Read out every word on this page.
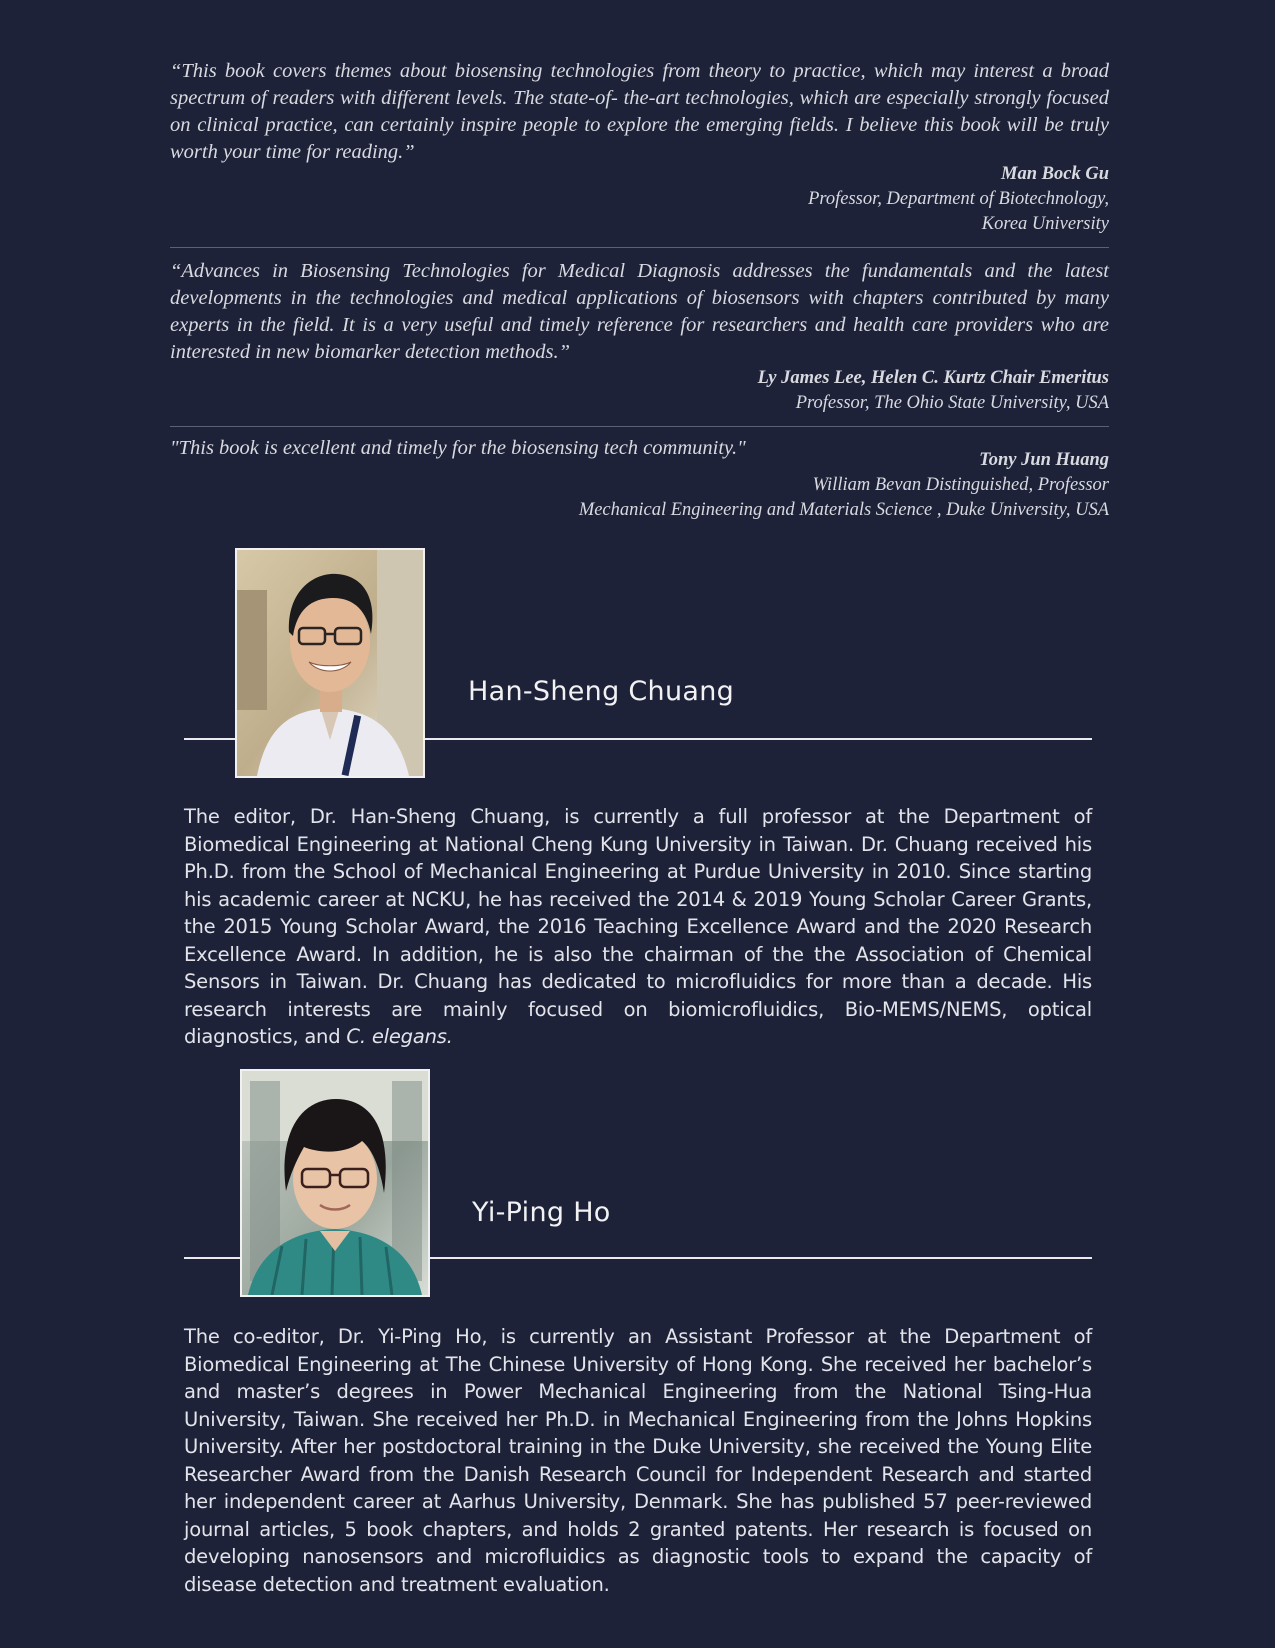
“This book covers themes about biosensing technologies from theory to practice, which may interest a broad spectrum of readers with different levels. The state-of- the-art technologies, which are especially strongly focused on clinical practice, can certainly inspire people to explore the emerging fields. I believe this book will be truly worth your time for reading.”

Man Bock Gu
Professor, Department of Biotechnology,
Korea University

“Advances in Biosensing Technologies for Medical Diagnosis addresses the fundamentals and the latest developments in the technologies and medical applications of biosensors with chapters contributed by many experts in the field. It is a very useful and timely reference for researchers and health care providers who are interested in new biomarker detection methods.”

Ly James Lee, Helen C. Kurtz Chair Emeritus
Professor, The Ohio State University, USA

"This book is excellent and timely for the biosensing tech community."

Tony Jun Huang
William Bevan Distinguished, Professor
Mechanical Engineering and Materials Science , Duke University, USA
Han-Sheng Chuang

The editor, Dr. Han-Sheng Chuang, is currently a full professor at the Department of Biomedical Engineering at National Cheng Kung University in Taiwan. Dr. Chuang received his Ph.D. from the School of Mechanical Engineering at Purdue University in 2010. Since starting his academic career at NCKU, he has received the 2014 & 2019 Young Scholar Career Grants, the 2015 Young Scholar Award, the 2016 Teaching Excellence Award and the 2020 Research Excellence Award. In addition, he is also the chairman of the the Association of Chemical Sensors in Taiwan. Dr. Chuang has dedicated to microfluidics for more than a decade. His research interests are mainly focused on biomicrofluidics, Bio-MEMS/NEMS, optical diagnostics, and C. elegans.

Yi-Ping Ho

The co-editor, Dr. Yi-Ping Ho, is currently an Assistant Professor at the Department of Biomedical Engineering at The Chinese University of Hong Kong. She received her bachelor’s and master’s degrees in Power Mechanical Engineering from the National Tsing-Hua University, Taiwan. She received her Ph.D. in Mechanical Engineering from the Johns Hopkins University. After her postdoctoral training in the Duke University, she received the Young Elite Researcher Award from the Danish Research Council for Independent Research and started her independent career at Aarhus University, Denmark. She has published 57 peer-reviewed journal articles, 5 book chapters, and holds 2 granted patents. Her research is focused on developing nanosensors and microfluidics as diagnostic tools to expand the capacity of disease detection and treatment evaluation.
